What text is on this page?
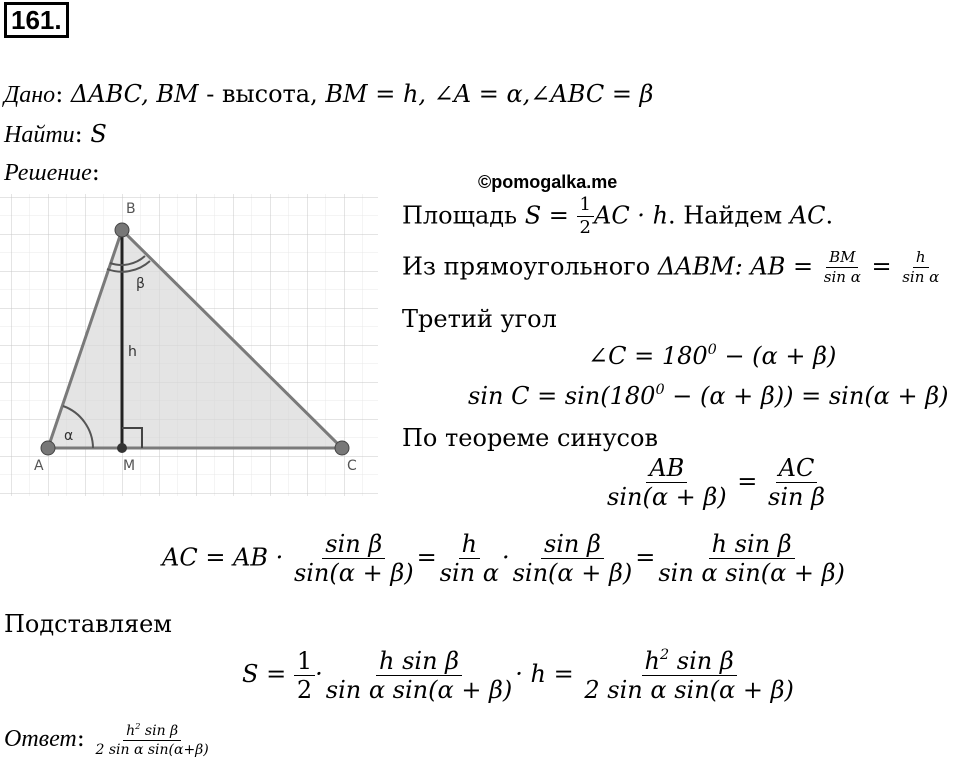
161.
Дано: ΔABC, BM - высота, BM = h, ∠A = α,∠ABC = β
Найти: S
Решение:	©pomogalka.me
A
B
C
M
α
β
h
Площадь $S = \frac{1}{2}$ AC · h. Найдем AC.
Из прямоугольного ΔABM: AB = $\frac{BM}{\text{sin α}} = \frac{h}{\text{sin α}}$
Третий угол
∠C = $180^0 - (\alpha + \beta)$
$\sin C = \sin(180^0 - (\alpha + \beta)) = \sin(\alpha + \beta)$
По теореме синусов
$\frac{AB}{\sin(\alpha + \beta)} = \frac{AC}{\text{sin β}}$
AC = AB · $\frac{\text{sin β}}{\sin(\alpha + \beta)} = \frac{h}{\text{sin α}} \cdot \frac{\text{sin β}}{\sin(\alpha + \beta)} = \frac{\text{h sin β}}{\text{sin α sin(α + β)}}$
Подставляем
$S = \frac{1}{2} \cdot \frac{\text{h sin β}}{\text{sin α sin(α + β)}} \cdot h = \frac{h^2 \sin \beta}{\text{2 sin α sin(α + β)}}$
Ответ: $\frac{h^2 \sin \beta}{\text{2 sin α sin(α+β)}}$
